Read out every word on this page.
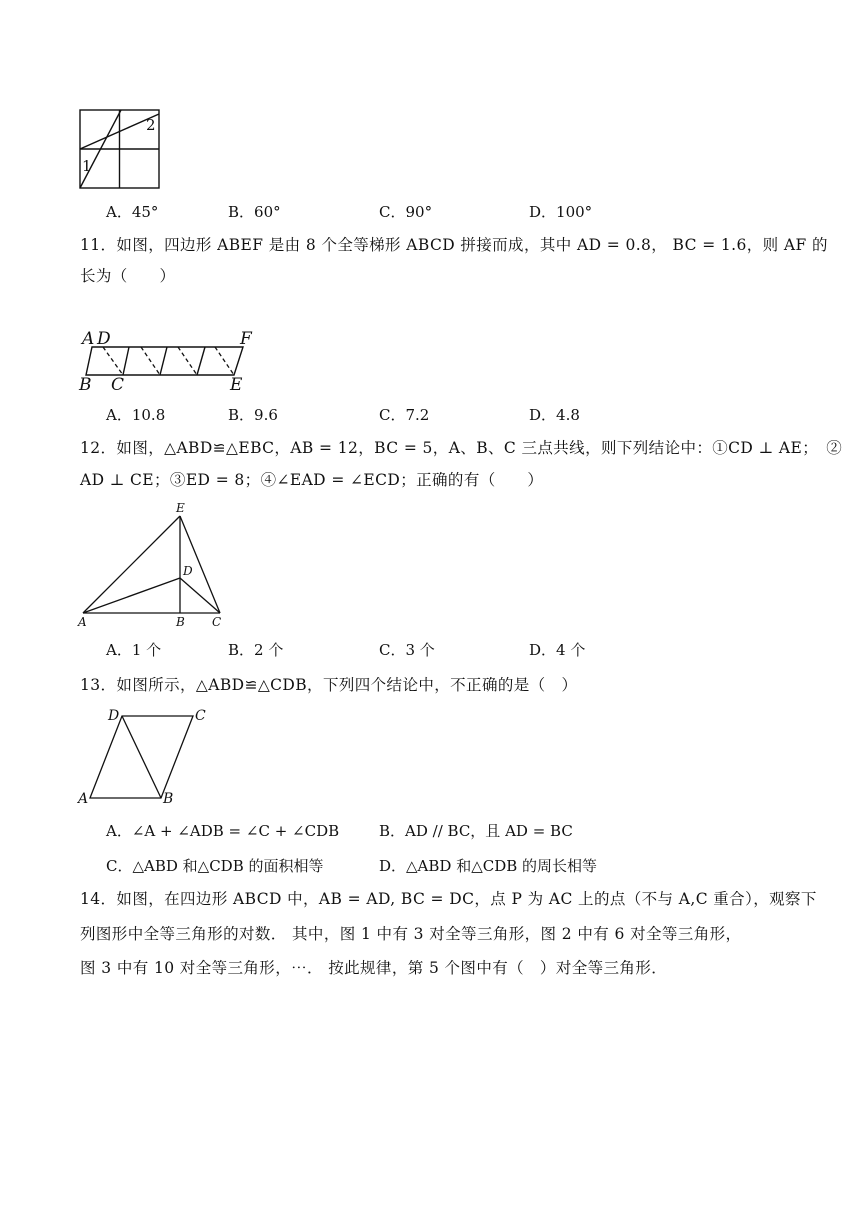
1
2
A．45°	B．60°	C．90°	D．100°
11．如图，四边形 ABEF 是由 8 个全等梯形 ABCD 拼接而成，其中 AD = 0.8， BC = 1.6，则 AF 的
长为（　　）
A D	F
B C	E
A．10.8	B．9.6	C．7.2	D．4.8
12．如图，△ABD≌△EBC，AB = 12，BC = 5，A、B、C 三点共线，则下列结论中：①CD ⊥ AE；　②
AD ⊥ CE；③ED = 8；④∠EAD = ∠ECD；正确的有（　　）
E
D
A	B C
A．1 个	B．2 个	C．3 个	D．4 个
13．如图所示，△ABD≌△CDB，下列四个结论中，不正确的是（　）
D	C
A	B
A．∠A + ∠ADB = ∠C + ∠CDB	B．AD // BC，且 AD = BC
C．△ABD 和△CDB 的面积相等	D．△ABD 和△CDB 的周长相等
14．如图，在四边形 ABCD 中，AB = AD, BC = DC，点 P 为 AC 上的点（不与 A,C 重合），观察下
列图形中全等三角形的对数． 其中，图 1 中有 3 对全等三角形，图 2 中有 6 对全等三角形，
图 3 中有 10 对全等三角形，⋯． 按此规律，第 5 个图中有（　）对全等三角形．
